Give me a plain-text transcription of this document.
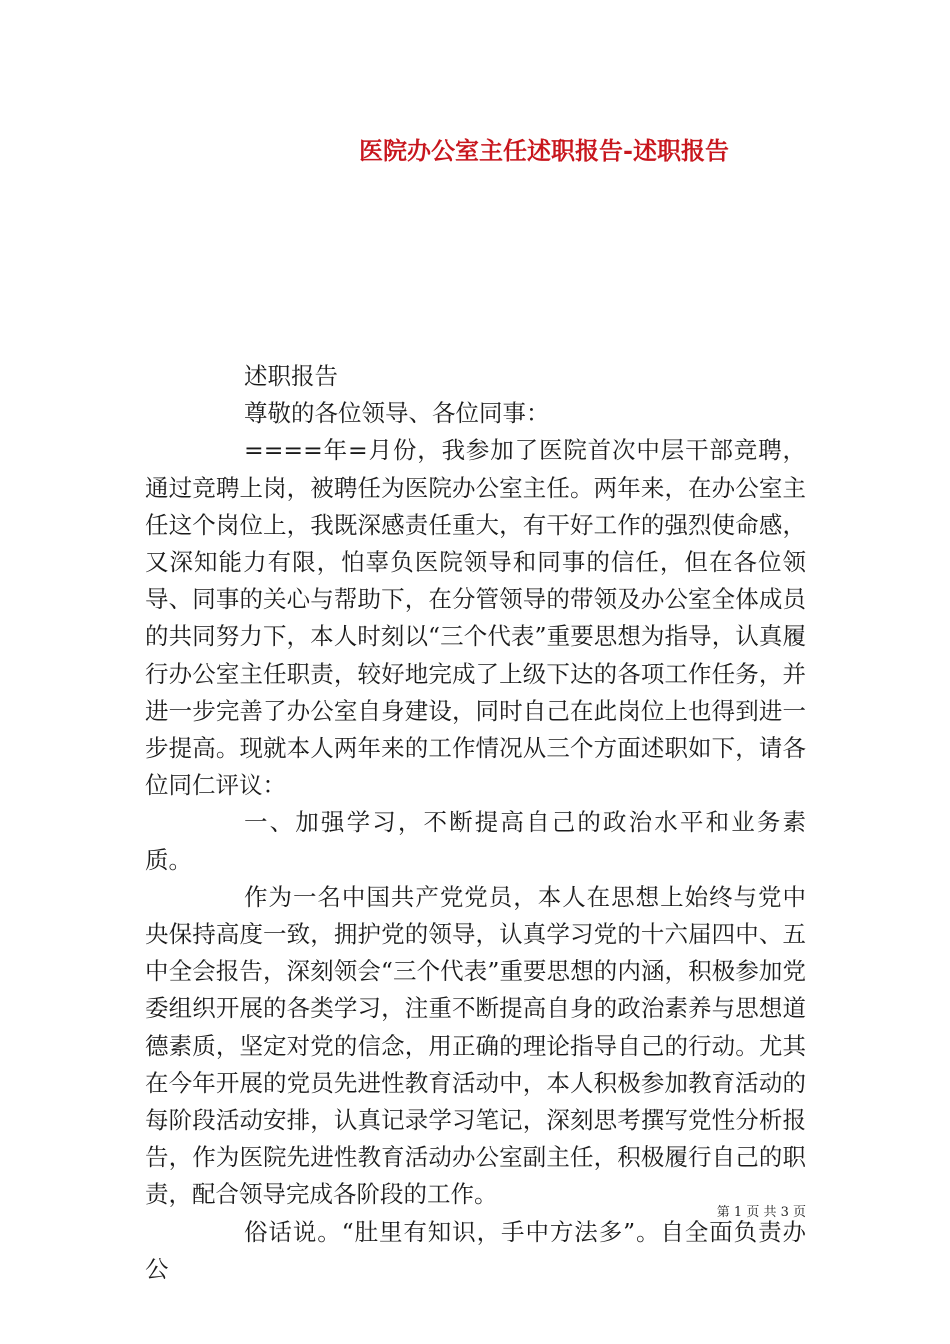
医院办公室主任述职报告-述职报告

述职报告

尊敬的各位领导、各位同事：

====年=月份，我参加了医院首次中层干部竞聘，通过竞聘上岗，被聘任为医院办公室主任。两年来，在办公室主任这个岗位上，我既深感责任重大，有干好工作的强烈使命感，又深知能力有限，怕辜负医院领导和同事的信任，但在各位领导、同事的关心与帮助下，在分管领导的带领及办公室全体成员的共同努力下，本人时刻以“三个代表”重要思想为指导，认真履行办公室主任职责，较好地完成了上级下达的各项工作任务，并进一步完善了办公室自身建设，同时自己在此岗位上也得到进一步提高。现就本人两年来的工作情况从三个方面述职如下，请各位同仁评议：

一、加强学习，不断提高自己的政治水平和业务素质。

作为一名中国共产党党员，本人在思想上始终与党中央保持高度一致，拥护党的领导，认真学习党的十六届四中、五中全会报告，深刻领会“三个代表”重要思想的内涵，积极参加党委组织开展的各类学习，注重不断提高自身的政治素养与思想道德素质，坚定对党的信念，用正确的理论指导自己的行动。尤其在今年开展的党员先进性教育活动中，本人积极参加教育活动的每阶段活动安排，认真记录学习笔记，深刻思考撰写党性分析报告，作为医院先进性教育活动办公室副主任，积极履行自己的职责，配合领导完成各阶段的工作。

俗话说。“肚里有知识，手中方法多”。自全面负责办公

第 1 页 共 3 页
